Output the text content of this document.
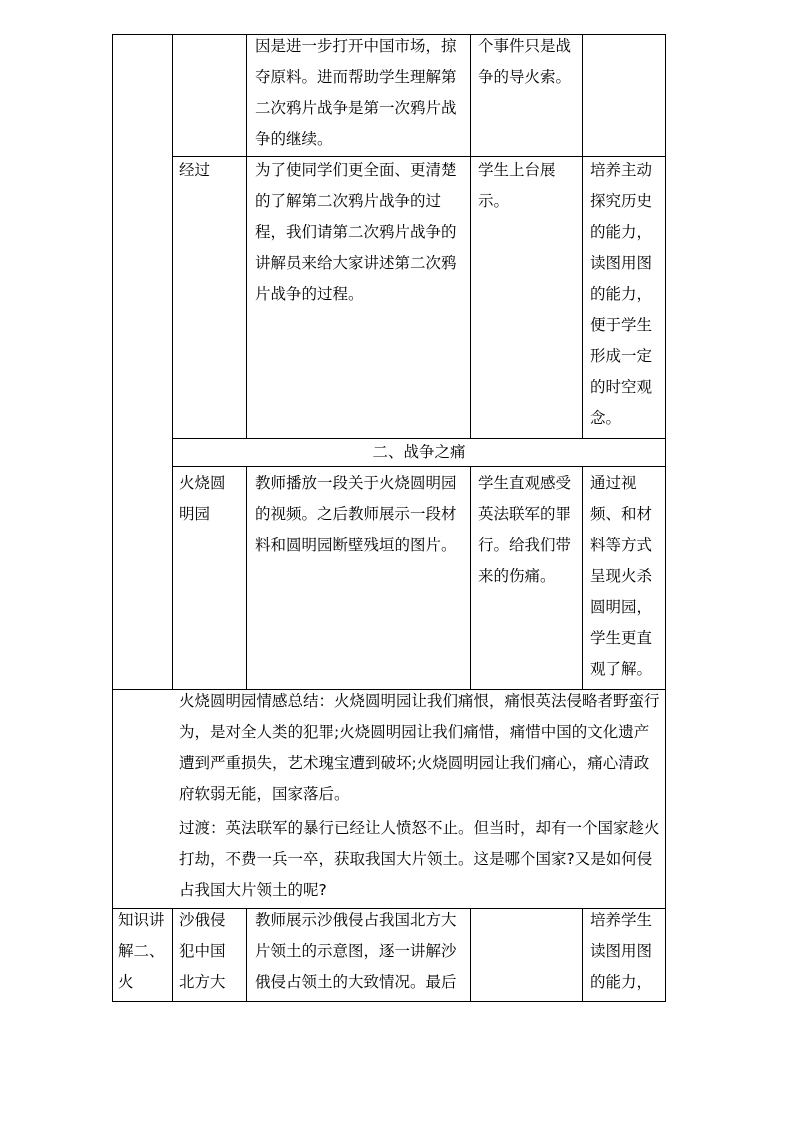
因是进一步打开中国市场，掠夺原料。进而帮助学生理解第二次鸦片战争是第一次鸦片战争的继续。
个事件只是战争的导火索。
经过	为了使同学们更全面、更清楚的了解第二次鸦片战争的过程，我们请第二次鸦片战争的讲解员来给大家讲述第二次鸦片战争的过程。
学生上台展示。
培养主动探究历史的能力，读图用图的能力，便于学生形成一定的时空观念。
二、战争之痛
火烧圆明园
教师播放一段关于火烧圆明园的视频。之后教师展示一段材料和圆明园断壁残垣的图片。
学生直观感受英法联军的罪行。给我们带来的伤痛。
通过视频、和材料等方式呈现火杀圆明园，学生更直观了解。
火烧圆明园情感总结：火烧圆明园让我们痛恨，痛恨英法侵略者野蛮行为，是对全人类的犯罪;火烧圆明园让我们痛惜，痛惜中国的文化遗产遭到严重损失，艺术瑰宝遭到破坏;火烧圆明园让我们痛心，痛心清政府软弱无能，国家落后。
过渡：英法联军的暴行已经让人愤怒不止。但当时，却有一个国家趁火打劫，不费一兵一卒，获取我国大片领土。这是哪个国家?又是如何侵占我国大片领土的呢?
知识讲解二、火
沙俄侵犯中国北方大
教师展示沙俄侵占我国北方大片领土的示意图，逐一讲解沙俄侵占领土的大致情况。最后
培养学生读图用图的能力，
